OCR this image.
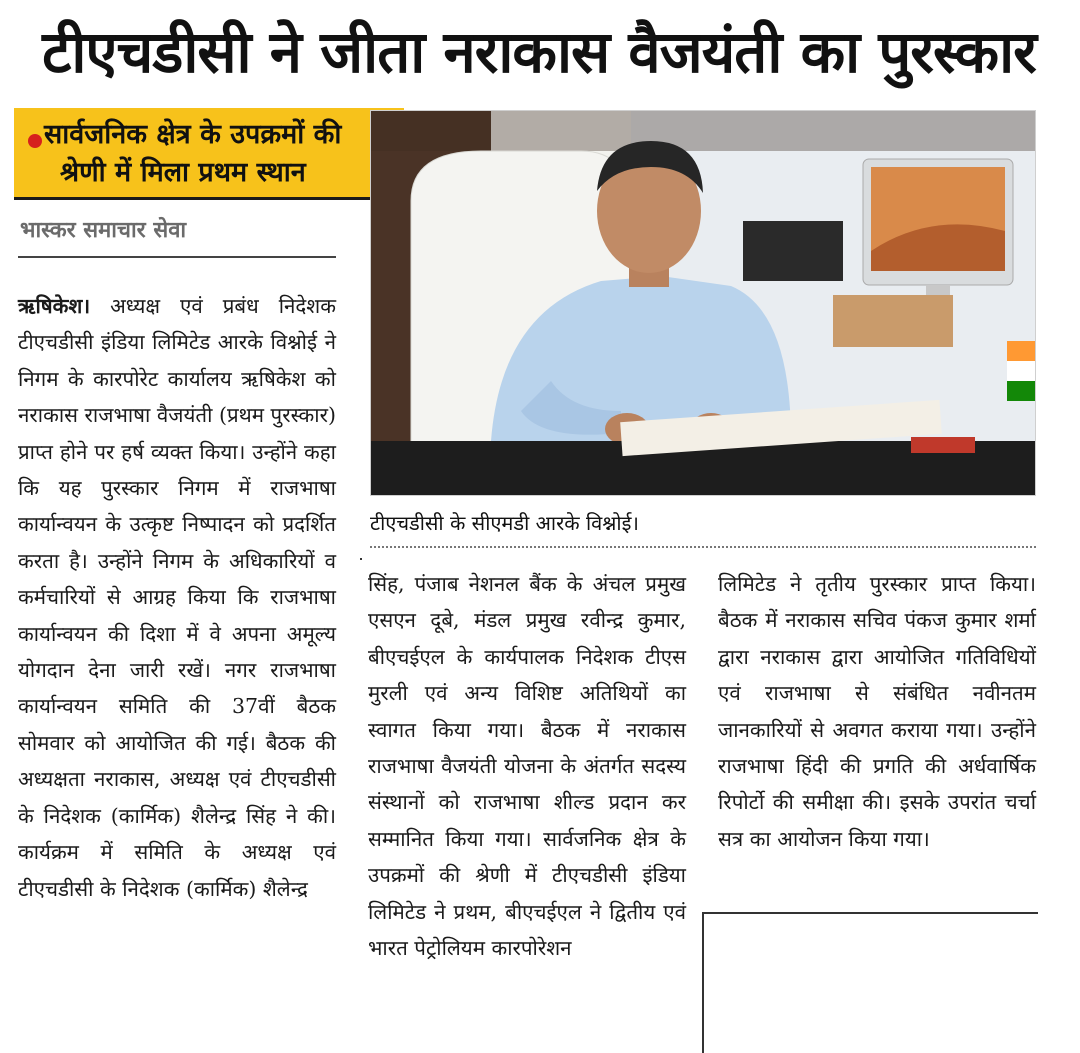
टीएचडीसी ने जीता नराकास वैजयंती का पुरस्कार
सार्वजनिक क्षेत्र के उपक्रमों की
श्रेणी में मिला प्रथम स्थान
भास्कर समाचार सेवा
ऋषिकेश। अध्यक्ष एवं प्रबंध निदेशक टीएचडीसी इंडिया लिमिटेड आरके विश्नोई ने निगम के कारपोरेट कार्यालय ऋषिकेश को नराकास राजभाषा वैजयंती (प्रथम पुरस्कार) प्राप्त होने पर हर्ष व्यक्त किया। उन्होंने कहा कि यह पुरस्कार निगम में राजभाषा कार्यान्वयन के उत्कृष्ट निष्पादन को प्रदर्शित करता है। उन्होंने निगम के अधिकारियों व कर्मचारियों से आग्रह किया कि राजभाषा कार्यान्वयन की दिशा में वे अपना अमूल्य योगदान देना जारी रखें। नगर राजभाषा कार्यान्वयन समिति की 37वीं बैठक सोमवार को आयोजित की गई। बैठक की अध्यक्षता नराकास, अध्यक्ष एवं टीएचडीसी के निदेशक (कार्मिक) शैलेन्द्र सिंह ने की। कार्यक्रम में समिति के अध्यक्ष एवं टीएचडीसी के निदेशक (कार्मिक) शैलेन्द्र
टीएचडीसी के सीएमडी आरके विश्नोई।
सिंह, पंजाब नेशनल बैंक के अंचल प्रमुख एसएन दूबे, मंडल प्रमुख रवीन्द्र कुमार, बीएचईएल के कार्यपालक निदेशक टीएस मुरली एवं अन्य विशिष्ट अतिथियों का स्वागत किया गया। बैठक में नराकास राजभाषा वैजयंती योजना के अंतर्गत सदस्य संस्थानों को राजभाषा शील्ड प्रदान कर सम्मानित किया गया। सार्वजनिक क्षेत्र के उपक्रमों की श्रेणी में टीएचडीसी इंडिया लिमिटेड ने प्रथम, बीएचईएल ने द्वितीय एवं भारत पेट्रोलियम कारपोरेशन
लिमिटेड ने तृतीय पुरस्कार प्राप्त किया। बैठक में नराकास सचिव पंकज कुमार शर्मा द्वारा नराकास द्वारा आयोजित गतिविधियों एवं राजभाषा से संबंधित नवीनतम जानकारियों से अवगत कराया गया। उन्होंने राजभाषा हिंदी की प्रगति की अर्धवार्षिक रिपोर्टो की समीक्षा की। इसके उपरांत चर्चा सत्र का आयोजन किया गया।
